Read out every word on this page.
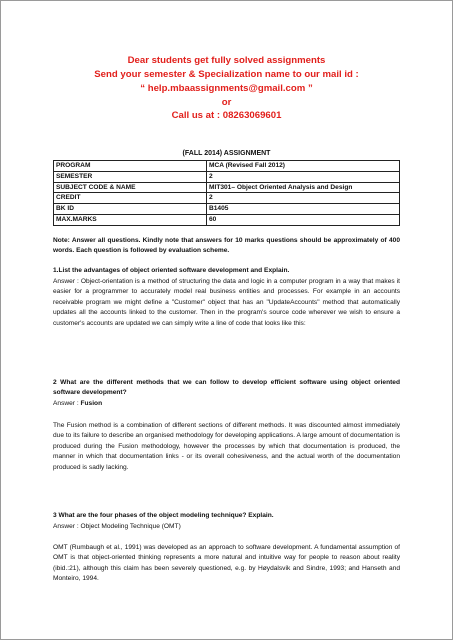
Dear students get fully solved assignments
Send your semester & Specialization name to our mail id :
“ help.mbaassignments@gmail.com ”
or
Call us at : 08263069601
(FALL 2014) ASSIGNMENT
PROGRAM	MCA (Revised Fall 2012)
SEMESTER	2
SUBJECT CODE & NAME	MIT301– Object Oriented Analysis and Design
CREDIT	2
BK ID	B1405
MAX.MARKS	60

Note: Answer all questions. Kindly note that answers for 10 marks questions should be approximately of 400 words. Each question is followed by evaluation scheme.

1.List the advantages of object oriented software development and Explain.

Answer : Object-orientation is a method of structuring the data and logic in a computer program in a way that makes it easier for a programmer to accurately model real business entities and processes. For example in an accounts receivable program we might define a "Customer" object that has an "UpdateAccounts" method that automatically updates all the accounts linked to the customer. Then in the program's source code wherever we wish to ensure a customer's accounts are updated we can simply write a line of code that looks like this:

2 What are the different methods that we can follow to develop efficient software using object oriented software development?

Answer : Fusion

The Fusion method is a combination of different sections of different methods. It was discounted almost immediately due to its failure to describe an organised methodology for developing applications. A large amount of documentation is produced during the Fusion methodology, however the processes by which that documentation is produced, the manner in which that documentation links - or its overall cohesiveness, and the actual worth of the documentation produced is sadly lacking.

3 What are the four phases of the object modeling technique? Explain.

Answer : Object Modeling Technique (OMT)

OMT (Rumbaugh et al., 1991) was developed as an approach to software development. A fundamental assumption of OMT is that object-oriented thinking represents a more natural and intuitive way for people to reason about reality (ibid.:21), although this claim has been severely questioned, e.g. by Høydalsvik and Sindre, 1993; and Hanseth and Monteiro, 1994.
